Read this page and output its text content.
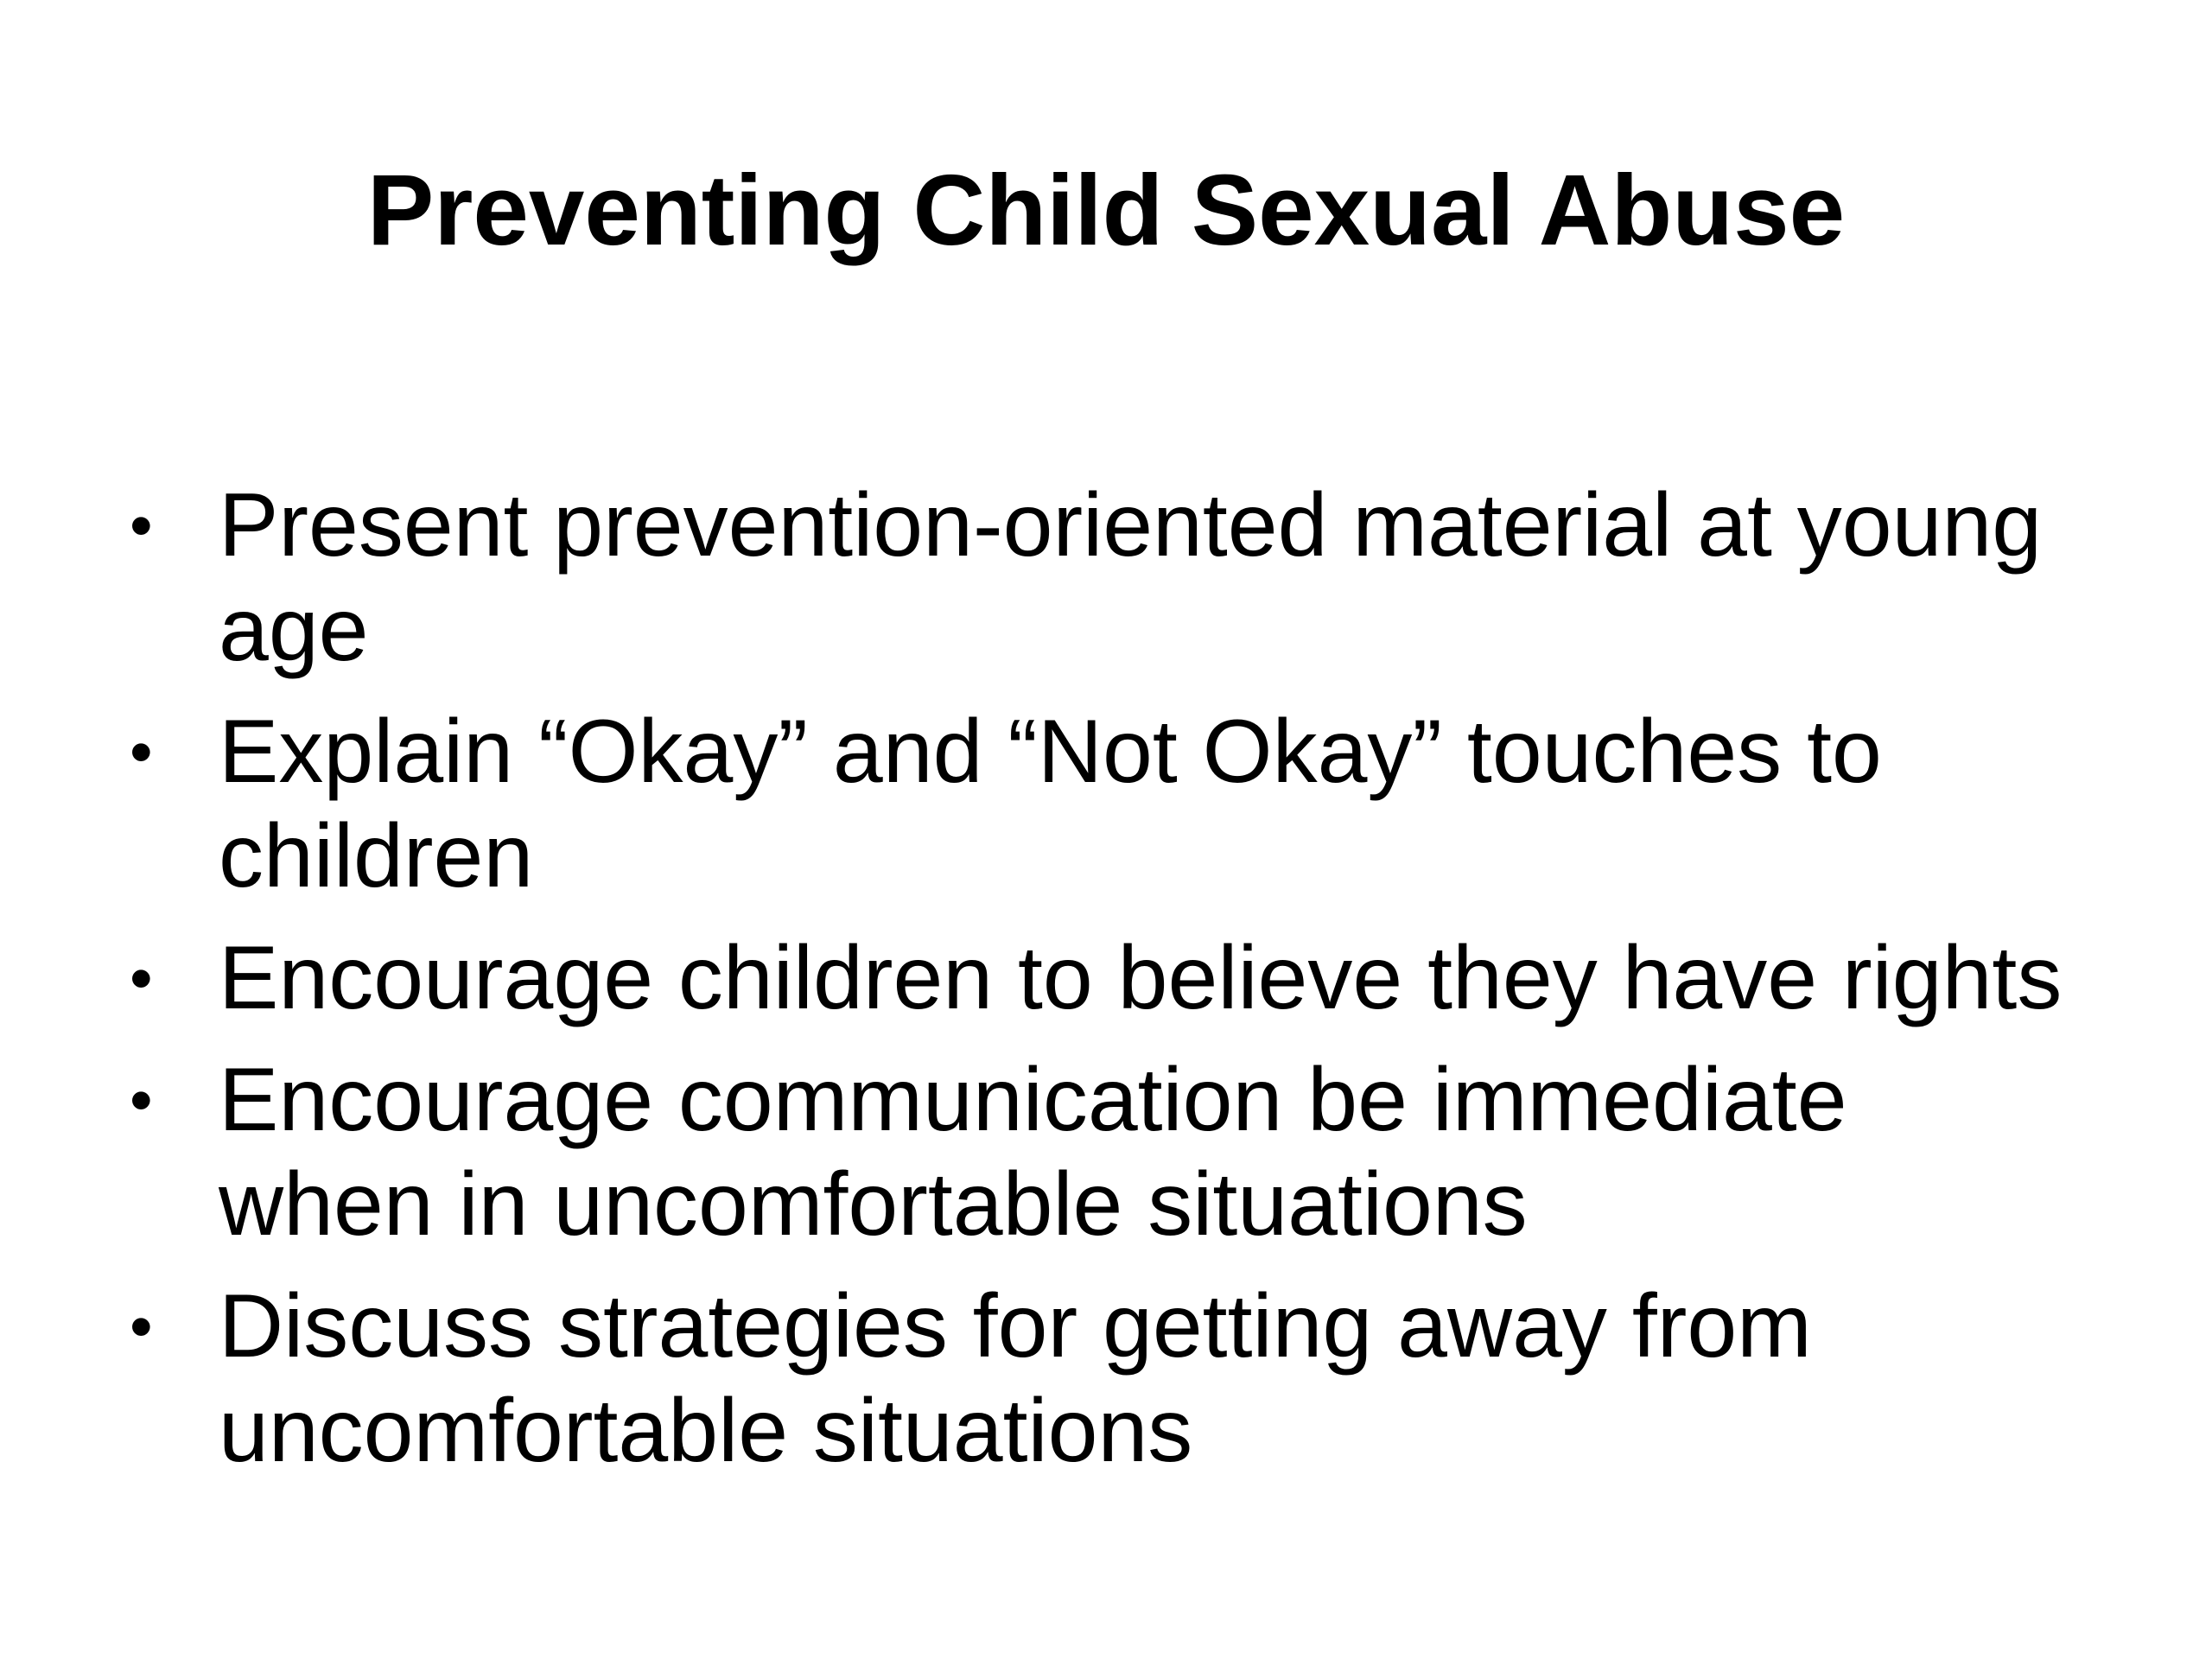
Preventing Child Sexual Abuse
• Present prevention-oriented material at young age
• Explain “Okay” and “Not Okay” touches to children
• Encourage children to believe they have rights
• Encourage communication be immediate when in uncomfortable situations
• Discuss strategies for getting away from uncomfortable situations
